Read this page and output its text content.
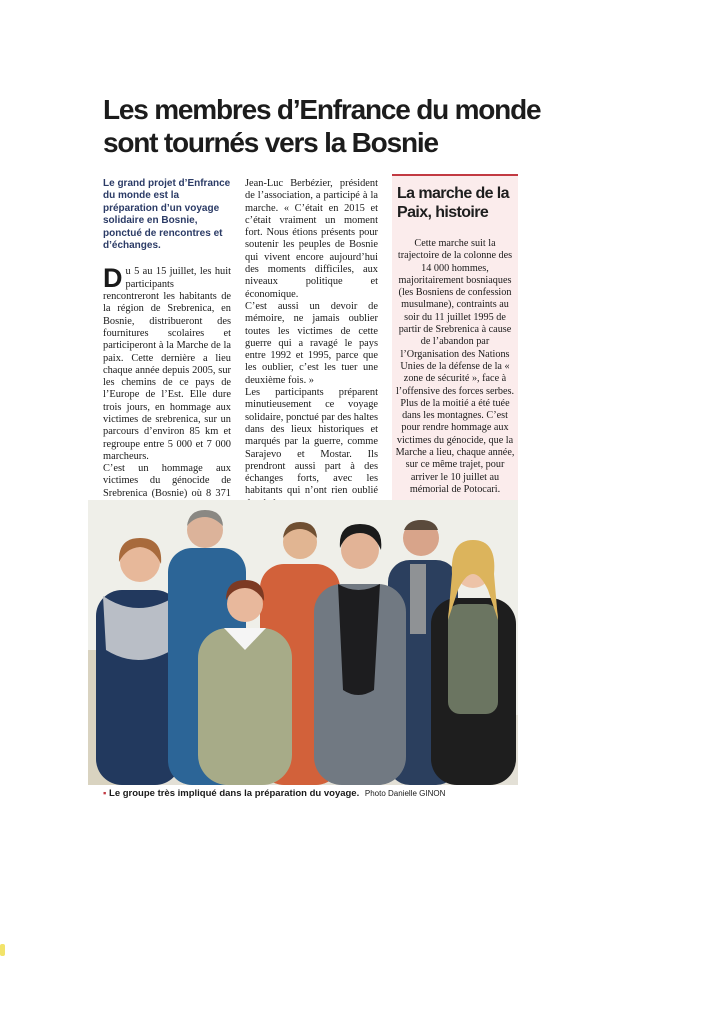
Les membres d’Enfrance du monde
sont tournés vers la Bosnie
Le grand projet d’Enfrance du monde est la préparation d’un voyage solidaire en Bosnie, ponctué de rencontres et d’échanges.

Du 5 au 15 juillet, les huit participants rencontreront les habitants de la région de Srebrenica, en Bosnie, distribueront des fournitures scolaires et participeront à la Marche de la paix. Cette dernière a lieu chaque année depuis 2005, sur les chemins de ce pays de l’Europe de l’Est. Elle dure trois jours, en hommage aux victimes de srebrenica, sur un parcours d’environ 85 km et regroupe entre 5 000 et 7 000 marcheurs.

C’est un hommage aux victimes du génocide de Srebrenica (Bosnie) où 8 371

Jean-Luc Berbézier, président de l’association, a participé à la marche. « C’était en 2015 et c’était vraiment un moment fort. Nous étions présents pour soutenir les peuples de Bosnie qui vivent encore aujourd’hui des moments difficiles, aux niveaux politique et économique.

C’est aussi un devoir de mémoire, ne jamais oublier toutes les victimes de cette guerre qui a ravagé le pays entre 1992 et 1995, parce que les oublier, c’est les tuer une deuxième fois. »

Les participants préparent minutieusement ce voyage solidaire, ponctué par des haltes dans des lieux historiques et marqués par la guerre, comme Sarajevo et Mostar. Ils prendront aussi part à des échanges forts, avec les habitants qui n’ont rien oublié

La marche de la Paix, histoire
Cette marche suit la trajectoire de la colonne des 14 000 hommes, majoritairement bosniaques (les Bosniens de confession musulmane), contraints au soir du 11 juillet 1995 de partir de Srebrenica à cause de l’abandon par l’Organisation des Nations Unies de la défense de la « zone de sécurité », face à l’offensive des forces serbes. Plus de la moitié a été tuée dans les montagnes. C’est pour rendre hommage aux victimes du génocide, que la Marche a lieu, chaque année, sur ce même trajet, pour arriver le 10 juillet au mémorial de Potocari.
▪ Le groupe très impliqué dans la préparation du voyage. Photo Danielle GINON
